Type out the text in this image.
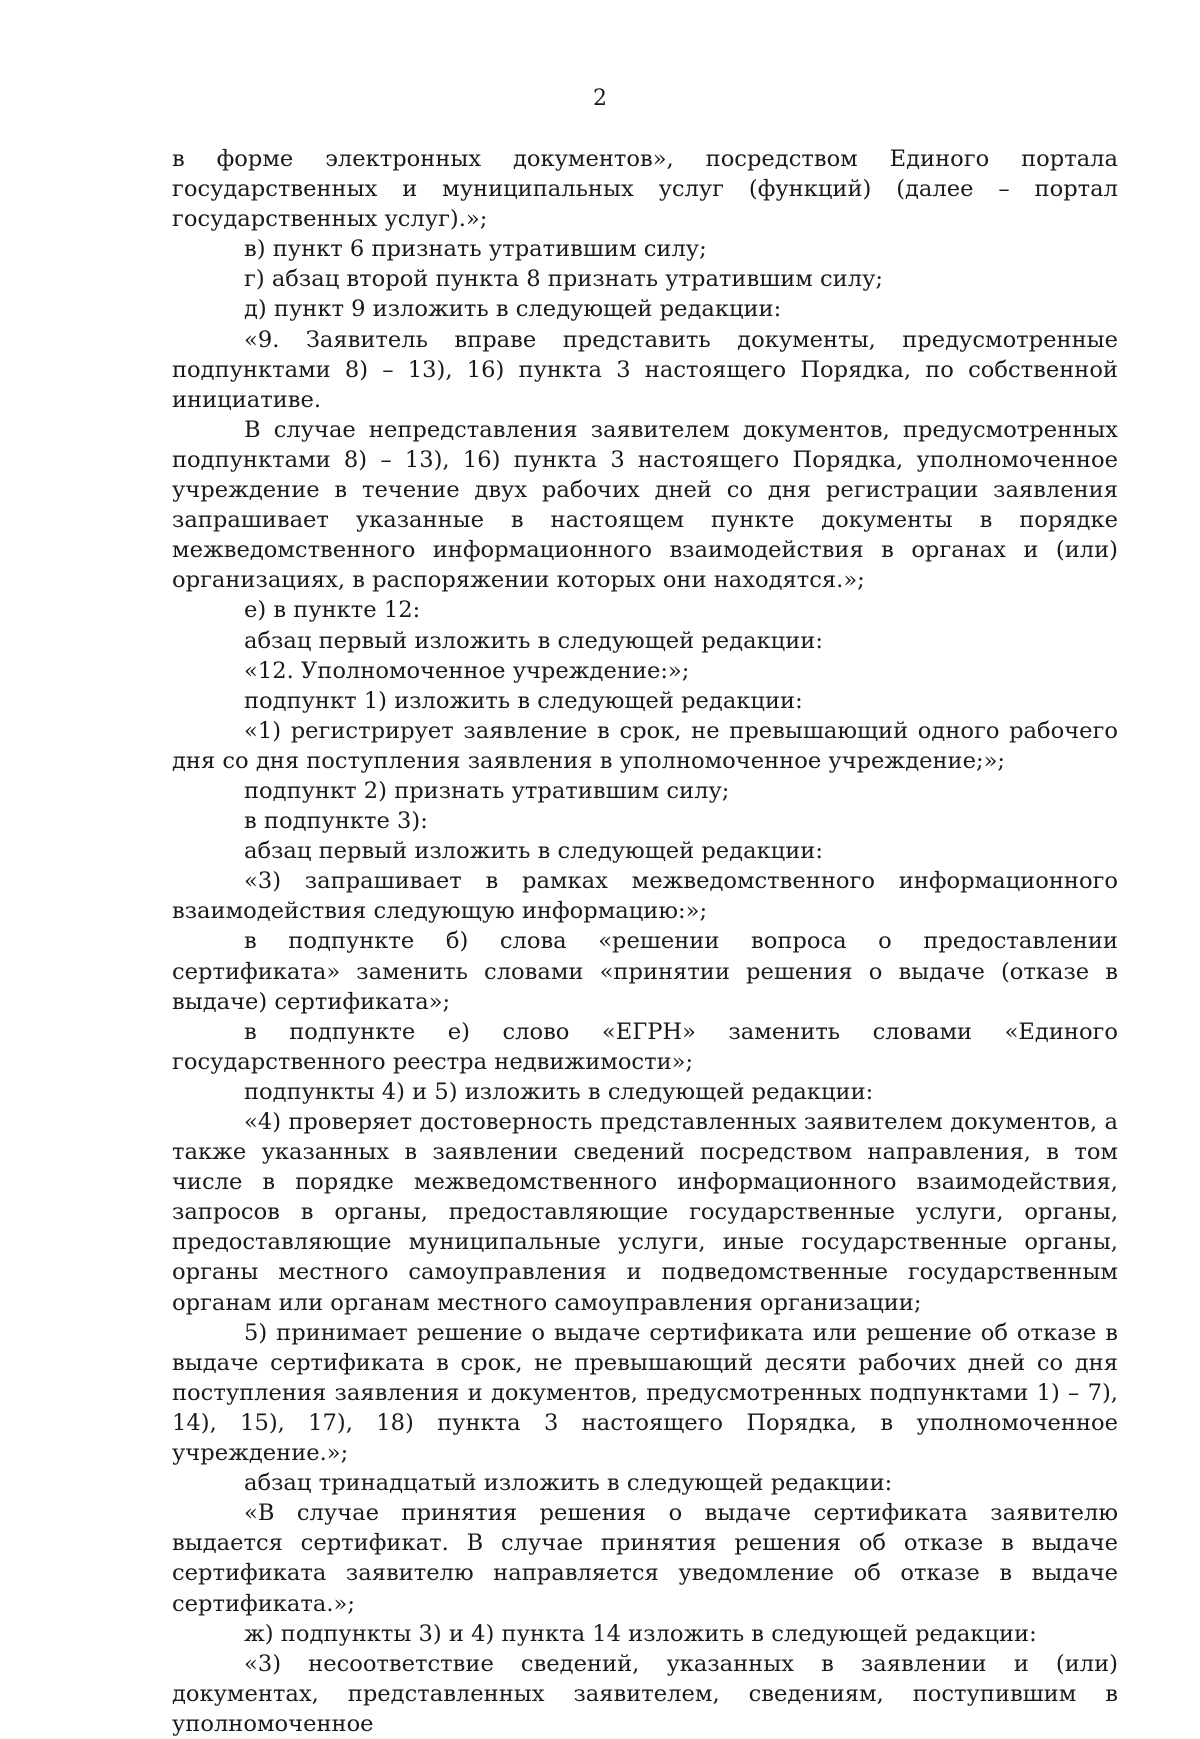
2

в форме электронных документов», посредством Единого портала государственных и муниципальных услуг (функций) (далее – портал государственных услуг).»;

в) пункт 6 признать утратившим силу;

г) абзац второй пункта 8 признать утратившим силу;

д) пункт 9 изложить в следующей редакции:

«9. Заявитель вправе представить документы, предусмотренные подпунктами 8) – 13), 16) пункта 3 настоящего Порядка, по собственной инициативе.

В случае непредставления заявителем документов, предусмотренных подпунктами 8) – 13), 16) пункта 3 настоящего Порядка, уполномоченное учреждение в течение двух рабочих дней со дня регистрации заявления запрашивает указанные в настоящем пункте документы в порядке межведомственного информационного взаимодействия в органах и (или) организациях, в распоряжении которых они находятся.»;

е) в пункте 12:

абзац первый изложить в следующей редакции:

«12. Уполномоченное учреждение:»;

подпункт 1) изложить в следующей редакции:

«1) регистрирует заявление в срок, не превышающий одного рабочего дня со дня поступления заявления в уполномоченное учреждение;»;

подпункт 2) признать утратившим силу;

в подпункте 3):

абзац первый изложить в следующей редакции:

«3) запрашивает в рамках межведомственного информационного взаимодействия следующую информацию:»;

в подпункте б) слова «решении вопроса о предоставлении сертификата» заменить словами «принятии решения о выдаче (отказе в выдаче) сертификата»;

в подпункте е) слово «ЕГРН» заменить словами «Единого государственного реестра недвижимости»;

подпункты 4) и 5) изложить в следующей редакции:

«4) проверяет достоверность представленных заявителем документов, а также указанных в заявлении сведений посредством направления, в том числе в порядке межведомственного информационного взаимодействия, запросов в органы, предоставляющие государственные услуги, органы, предоставляющие муниципальные услуги, иные государственные органы, органы местного самоуправления и подведомственные государственным органам или органам местного самоуправления организации;

5) принимает решение о выдаче сертификата или решение об отказе в выдаче сертификата в срок, не превышающий десяти рабочих дней со дня поступления заявления и документов, предусмотренных подпунктами 1) – 7), 14), 15), 17), 18) пункта 3 настоящего Порядка, в уполномоченное учреждение.»;

абзац тринадцатый изложить в следующей редакции:

«В случае принятия решения о выдаче сертификата заявителю выдается сертификат. В случае принятия решения об отказе в выдаче сертификата заявителю направляется уведомление об отказе в выдаче сертификата.»;

ж) подпункты 3) и 4) пункта 14 изложить в следующей редакции:

«3) несоответствие сведений, указанных в заявлении и (или) документах, представленных заявителем, сведениям, поступившим в уполномоченное
